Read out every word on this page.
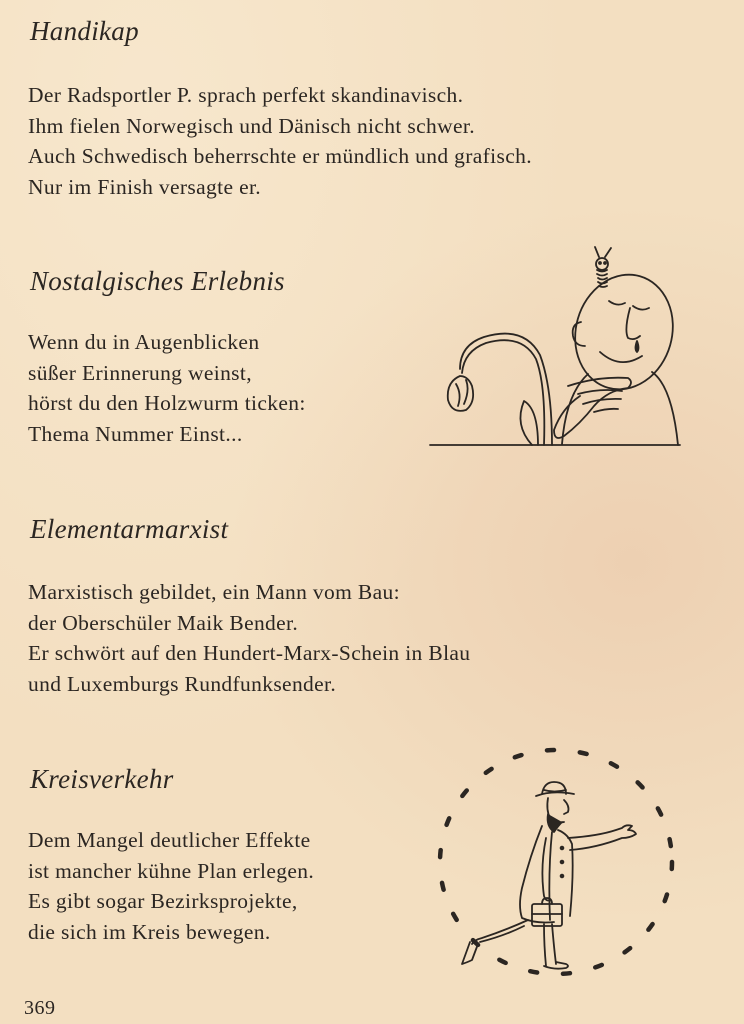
Handikap

Der Radsportler P. sprach perfekt skandinavisch.
Ihm fielen Norwegisch und Dänisch nicht schwer.
Auch Schwedisch beherrschte er mündlich und grafisch.
Nur im Finish versagte er.

Nostalgisches Erlebnis

Wenn du in Augenblicken
süßer Erinnerung weinst,
hörst du den Holzwurm ticken:
Thema Nummer Einst...

Elementarmarxist

Marxistisch gebildet, ein Mann vom Bau:
der Oberschüler Maik Bender.
Er schwört auf den Hundert-Marx-Schein in Blau
und Luxemburgs Rundfunksender.

Kreisverkehr

Dem Mangel deutlicher Effekte
ist mancher kühne Plan erlegen.
Es gibt sogar Bezirksprojekte,
die sich im Kreis bewegen.

369
